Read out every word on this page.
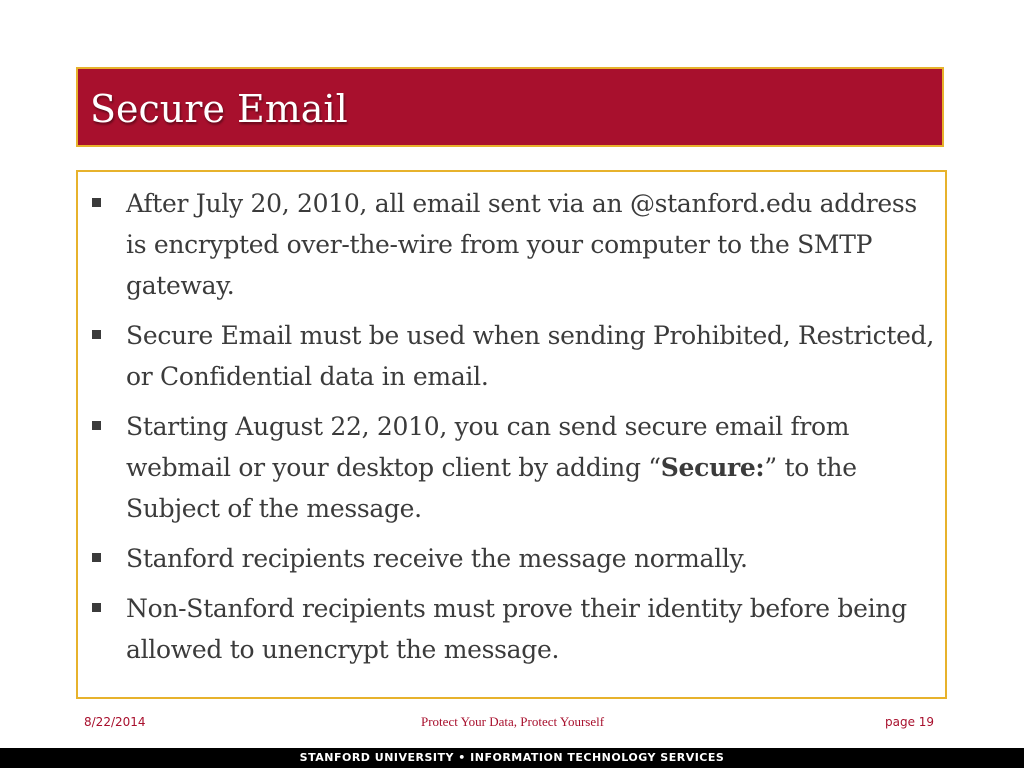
Secure Email
After July 20, 2010, all email sent via an @stanford.edu address is encrypted over-the-wire from your computer to the SMTP gateway.
Secure Email must be used when sending Prohibited, Restricted, or Confidential data in email.
Starting August 22, 2010, you can send secure email from webmail or your desktop client by adding “Secure:” to the Subject of the message.
Stanford recipients receive the message normally.
Non-Stanford recipients must prove their identity before being allowed to unencrypt the message.
8/22/2014	Protect Your Data, Protect Yourself	page 19
STANFORD UNIVERSITY • INFORMATION TECHNOLOGY SERVICES
